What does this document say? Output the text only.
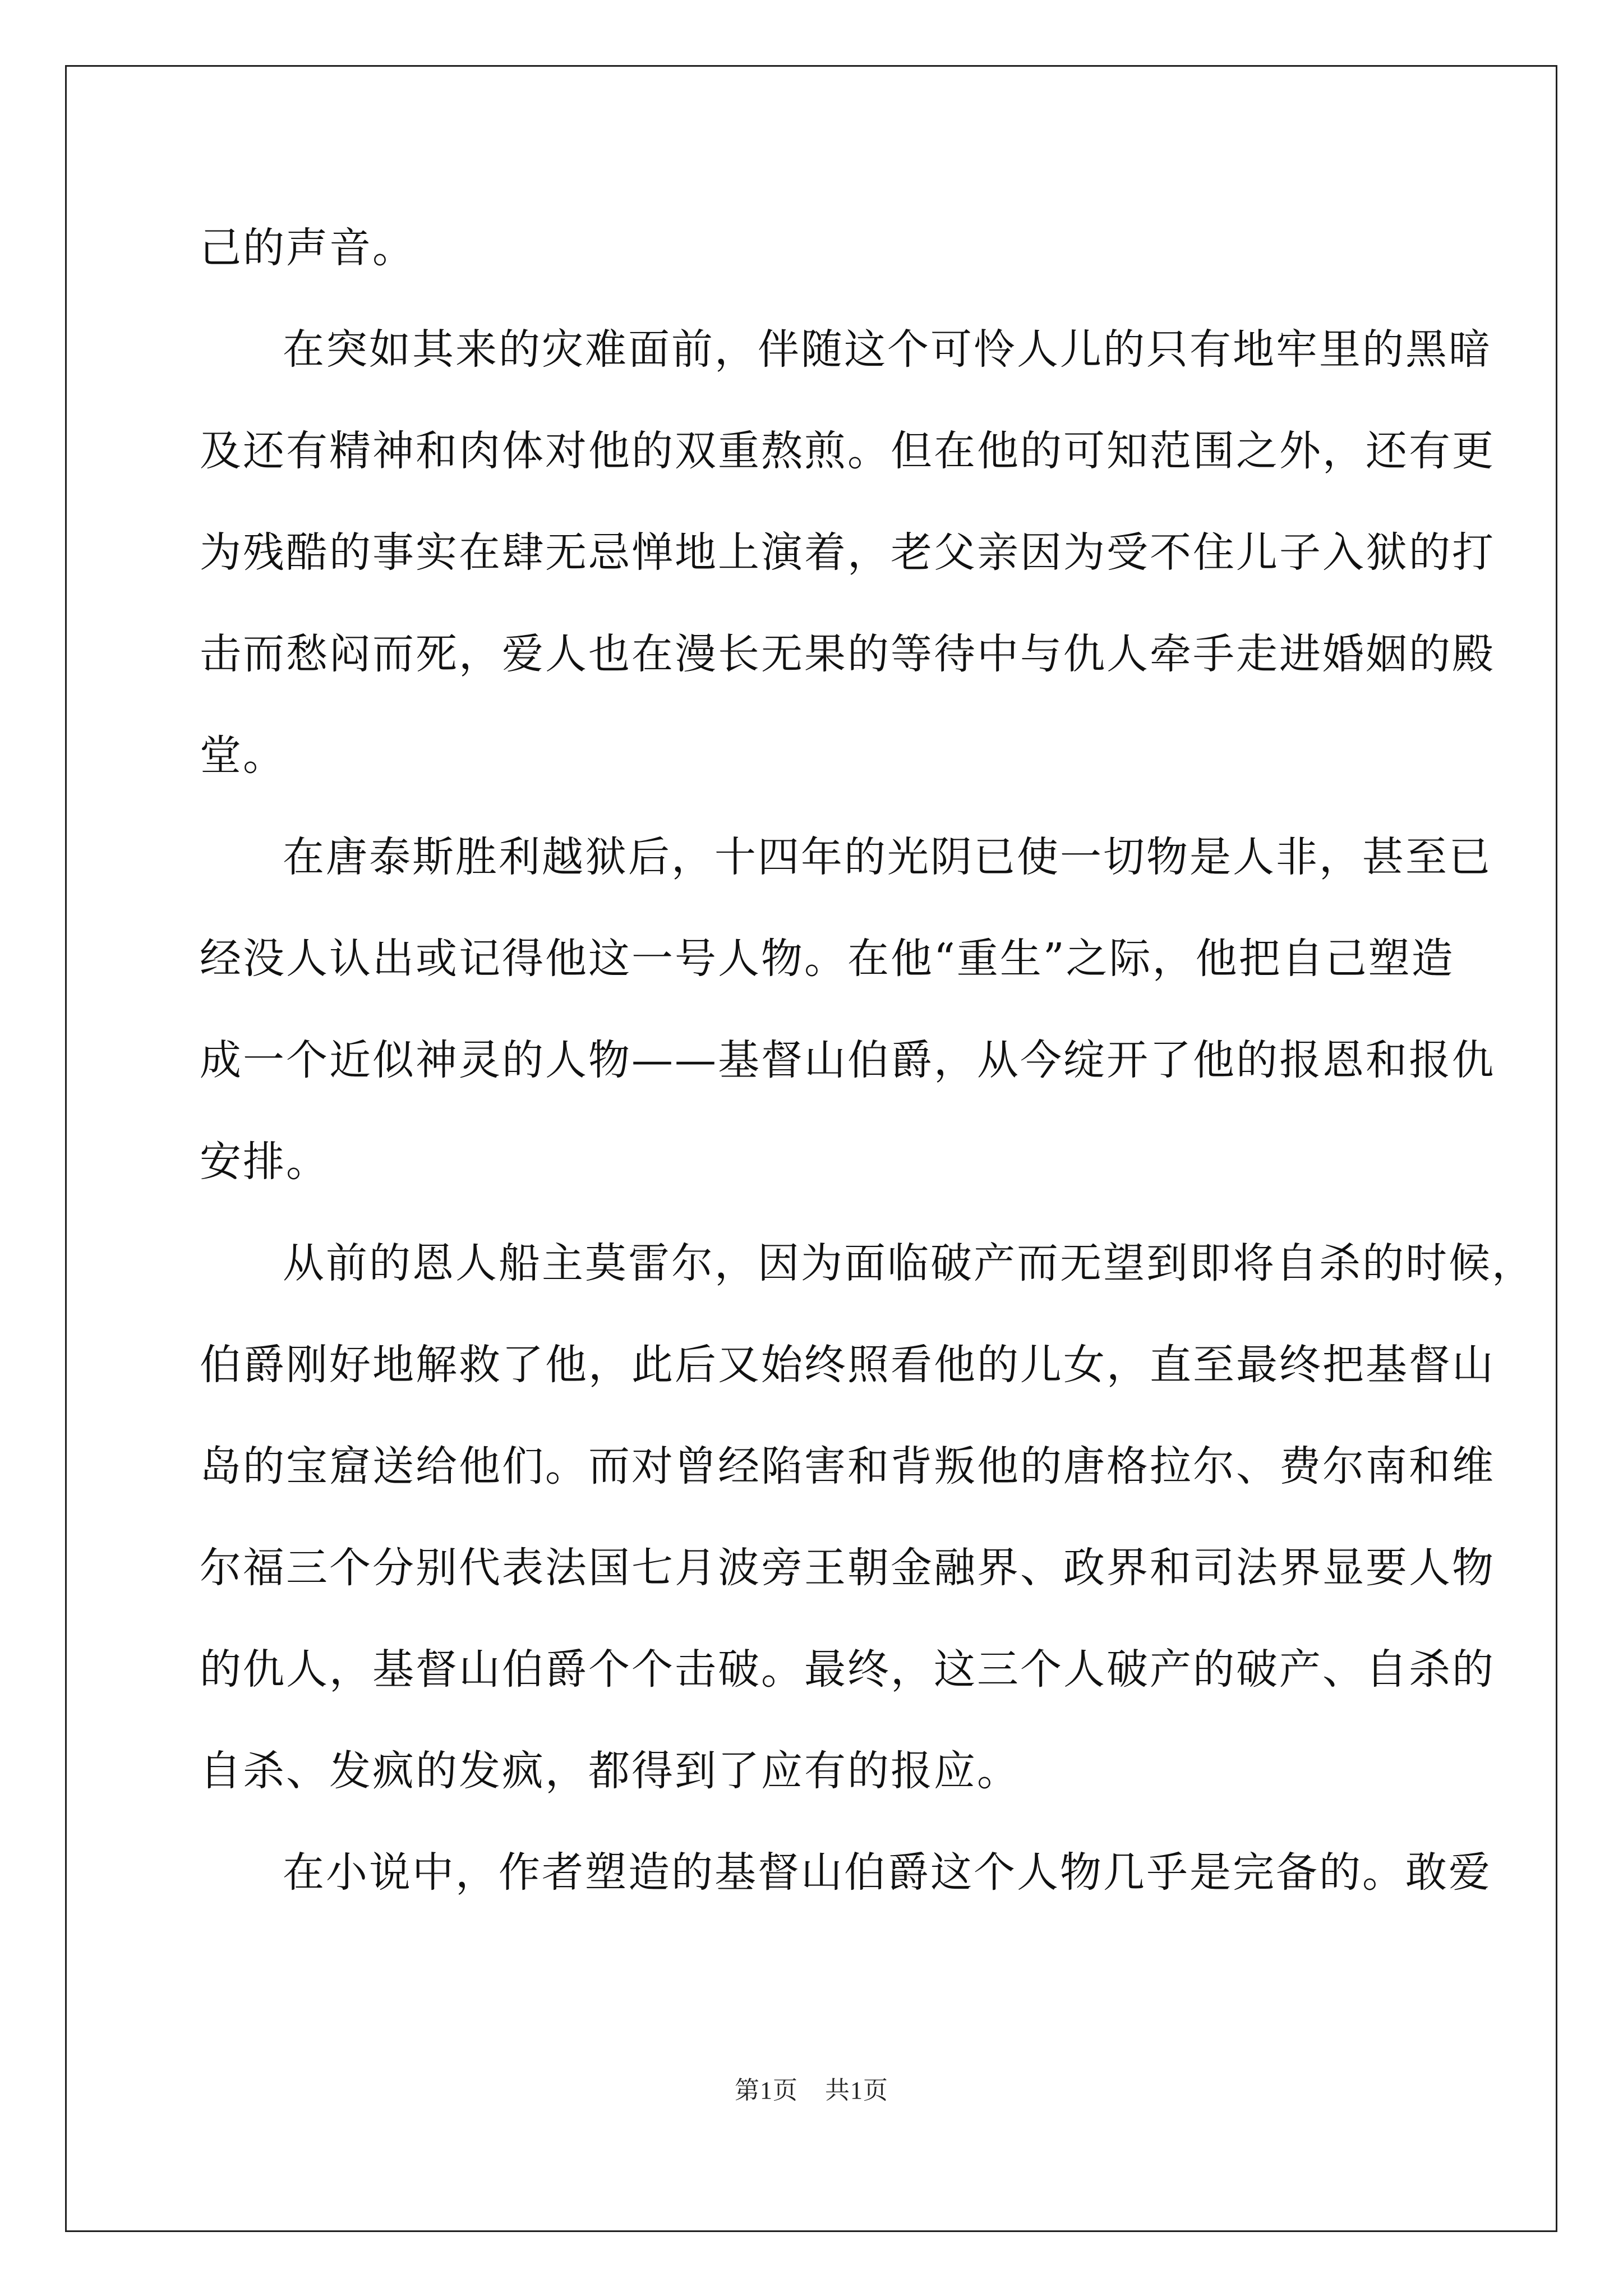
己的声音。
在突如其来的灾难面前，伴随这个可怜人儿的只有地牢里的黑暗
及还有精神和肉体对他的双重熬煎。但在他的可知范围之外，还有更
为残酷的事实在肆无忌惮地上演着，老父亲因为受不住儿子入狱的打
击而愁闷而死，爱人也在漫长无果的等待中与仇人牵手走进婚姻的殿
堂。
在唐泰斯胜利越狱后，十四年的光阴已使一切物是人非，甚至已
经没人认出或记得他这一号人物。在他“重生”之际，他把自己塑造
成一个近似神灵的人物——基督山伯爵，从今绽开了他的报恩和报仇
安排。
从前的恩人船主莫雷尔，因为面临破产而无望到即将自杀的时候，
伯爵刚好地解救了他，此后又始终照看他的儿女，直至最终把基督山
岛的宝窟送给他们。而对曾经陷害和背叛他的唐格拉尔、费尔南和维
尔福三个分别代表法国七月波旁王朝金融界、政界和司法界显要人物
的仇人，基督山伯爵个个击破。最终，这三个人破产的破产、自杀的
自杀、发疯的发疯，都得到了应有的报应。
在小说中，作者塑造的基督山伯爵这个人物几乎是完备的。敢爱
第1页 共1页
